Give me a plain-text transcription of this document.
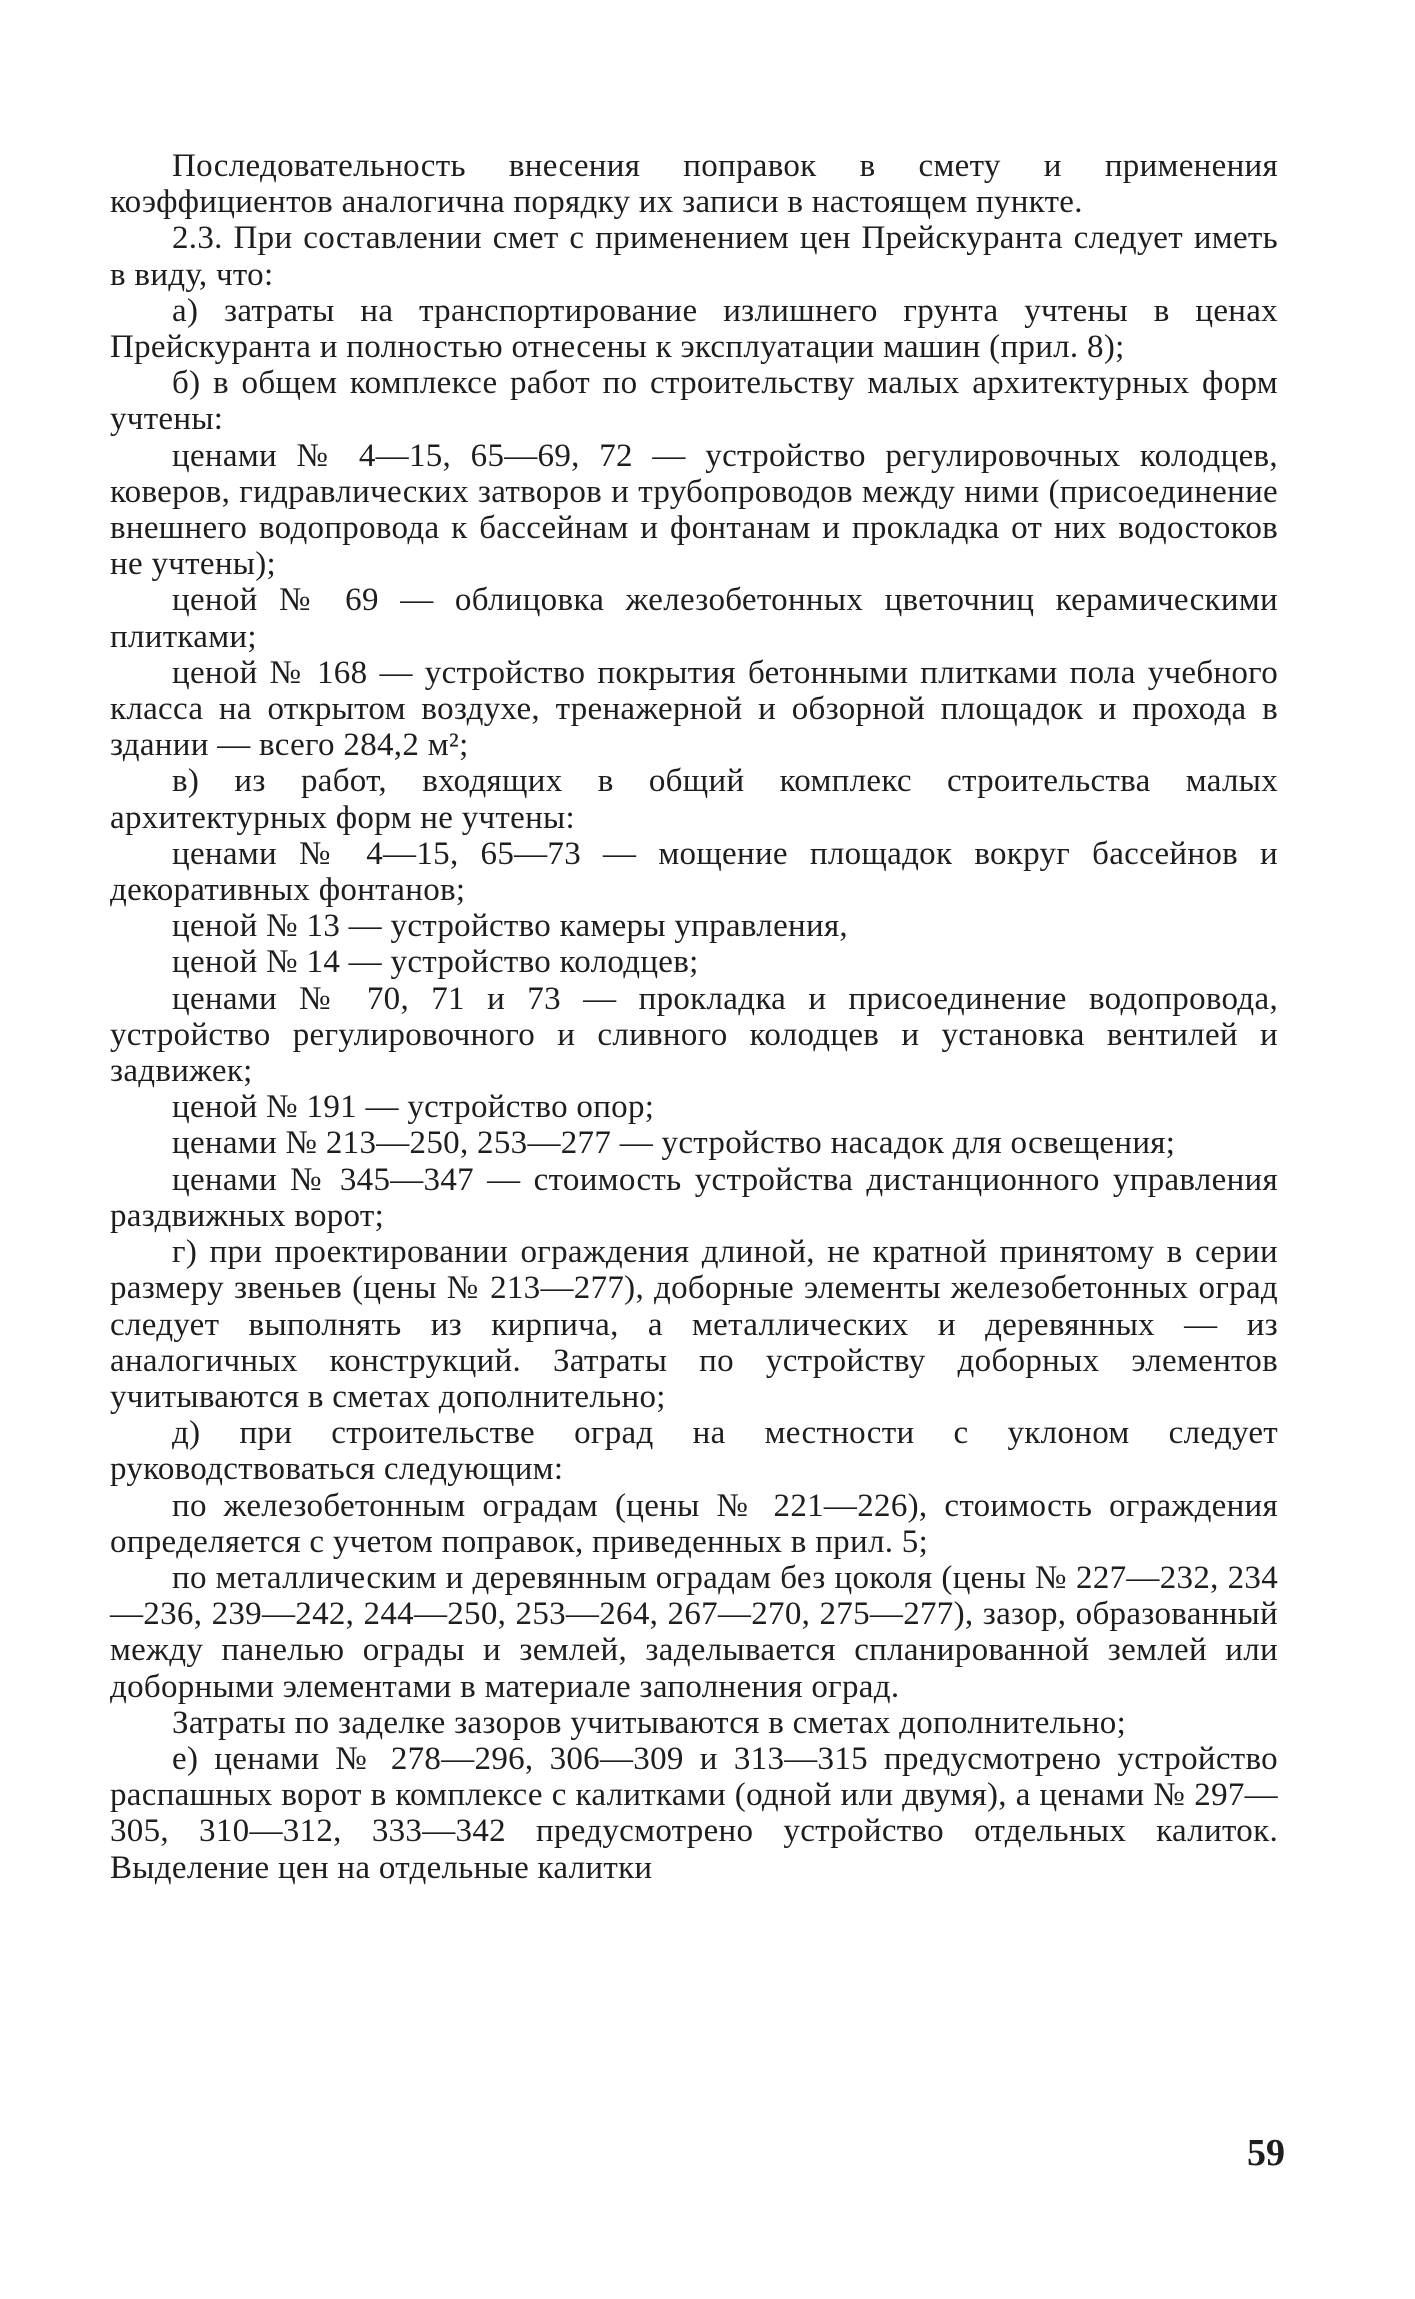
Последовательность внесения поправок в смету и применения коэффициентов аналогична порядку их записи в настоящем пункте.

2.3. При составлении смет с применением цен Прейскуранта следует иметь в виду, что:

а) затраты на транспортирование излишнего грунта учтены в ценах Прейскуранта и полностью отнесены к эксплуатации машин (прил. 8);

б) в общем комплексе работ по строительству малых архитектурных форм учтены:

ценами № 4—15, 65—69, 72 — устройство регулировочных колодцев, коверов, гидравлических затворов и трубопроводов между ними (присоединение внешнего водопровода к бассейнам и фонтанам и прокладка от них водостоков не учтены);

ценой № 69 — облицовка железобетонных цветочниц керамическими плитками;

ценой № 168 — устройство покрытия бетонными плитками пола учебного класса на открытом воздухе, тренажерной и обзорной площадок и прохода в здании — всего 284,2 м²;

в) из работ, входящих в общий комплекс строительства малых архитектурных форм не учтены:

ценами № 4—15, 65—73 — мощение площадок вокруг бассейнов и декоративных фонтанов;

ценой № 13 — устройство камеры управления,

ценой № 14 — устройство колодцев;

ценами № 70, 71 и 73 — прокладка и присоединение водопровода, устройство регулировочного и сливного колодцев и установка вентилей и задвижек;

ценой № 191 — устройство опор;

ценами № 213—250, 253—277 — устройство насадок для освещения;

ценами № 345—347 — стоимость устройства дистанционного управления раздвижных ворот;

г) при проектировании ограждения длиной, не кратной принятому в серии размеру звеньев (цены № 213—277), доборные элементы железобетонных оград следует выполнять из кирпича, а металлических и деревянных — из аналогичных конструкций. Затраты по устройству доборных элементов учитываются в сметах дополнительно;

д) при строительстве оград на местности с уклоном следует руководствоваться следующим:

по железобетонным оградам (цены № 221—226), стоимость ограждения определяется с учетом поправок, приведенных в прил. 5;

по металлическим и деревянным оградам без цоколя (цены № 227—232, 234—236, 239—242, 244—250, 253—264, 267—270, 275—277), зазор, образованный между панелью ограды и землей, заделывается спланированной землей или доборными элементами в материале заполнения оград.

Затраты по заделке зазоров учитываются в сметах дополнительно;

е) ценами № 278—296, 306—309 и 313—315 предусмотрено устройство распашных ворот в комплексе с калитками (одной или двумя), а ценами № 297—305, 310—312, 333—342 предусмотрено устройство отдельных калиток. Выделение цен на отдельные калитки

59
